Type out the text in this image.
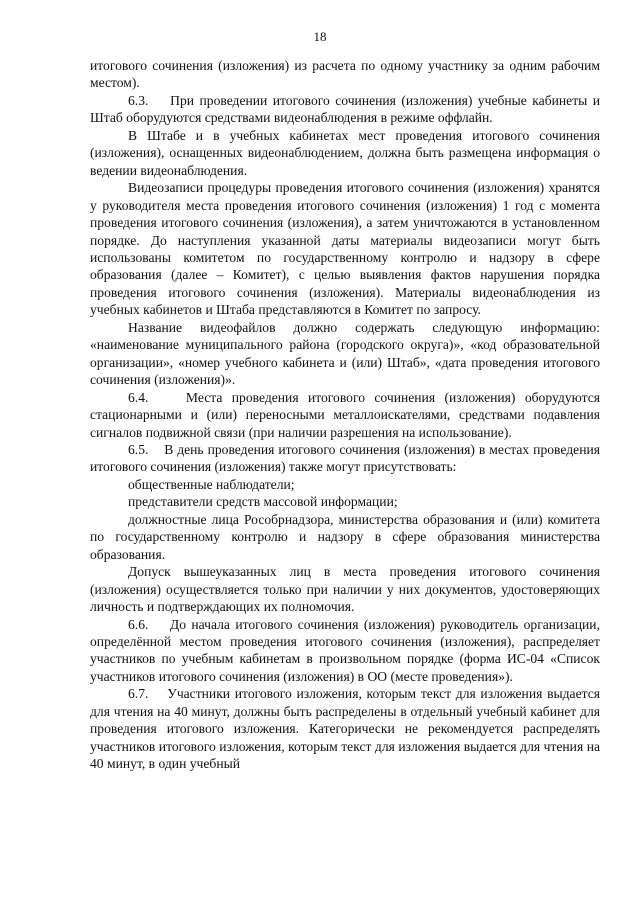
18

итогового сочинения (изложения) из расчета по одному участнику за одним рабочим местом).

6.3.    При проведении итогового сочинения (изложения) учебные кабинеты и Штаб оборудуются средствами видеонаблюдения в режиме оффлайн.

В Штабе и в учебных кабинетах мест проведения итогового сочинения (изложения), оснащенных видеонаблюдением, должна быть размещена информация о ведении видеонаблюдения.

Видеозаписи процедуры проведения итогового сочинения (изложения) хранятся у руководителя места проведения итогового сочинения (изложения) 1 год с момента проведения итогового сочинения (изложения), а затем уничтожаются в установленном порядке. До наступления указанной даты материалы видеозаписи могут быть использованы комитетом по государственному контролю и надзору в сфере образования (далее – Комитет), с целью выявления фактов нарушения порядка проведения итогового сочинения (изложения). Материалы видеонаблюдения из учебных кабинетов и Штаба представляются в Комитет по запросу.

Название видеофайлов должно содержать следующую информацию: «наименование муниципального района (городского округа)», «код образовательной организации», «номер учебного кабинета и (или) Штаб», «дата проведения итогового сочинения (изложения)».

6.4.    Места проведения итогового сочинения (изложения) оборудуются стационарными и (или) переносными металлоискателями, средствами подавления сигналов подвижной связи (при наличии разрешения на использование).

6.5.    В день проведения итогового сочинения (изложения) в местах проведения итогового сочинения (изложения) также могут присутствовать:

общественные наблюдатели;

представители средств массовой информации;

должностные лица Рособрнадзора, министерства образования и (или) комитета по государственному контролю и надзору в сфере образования министерства образования.

Допуск вышеуказанных лиц в места проведения итогового сочинения (изложения) осуществляется только при наличии у них документов, удостоверяющих личность и подтверждающих их полномочия.

6.6.    До начала итогового сочинения (изложения) руководитель организации, определённой местом проведения итогового сочинения (изложения), распределяет участников по учебным кабинетам в произвольном порядке (форма ИС-04 «Список участников итогового сочинения (изложения) в ОО (месте проведения»).

6.7.    Участники итогового изложения, которым текст для изложения выдается для чтения на 40 минут, должны быть распределены в отдельный учебный кабинет для проведения итогового изложения. Категорически не рекомендуется распределять участников итогового изложения, которым текст для изложения выдается для чтения на 40 минут, в один учебный
